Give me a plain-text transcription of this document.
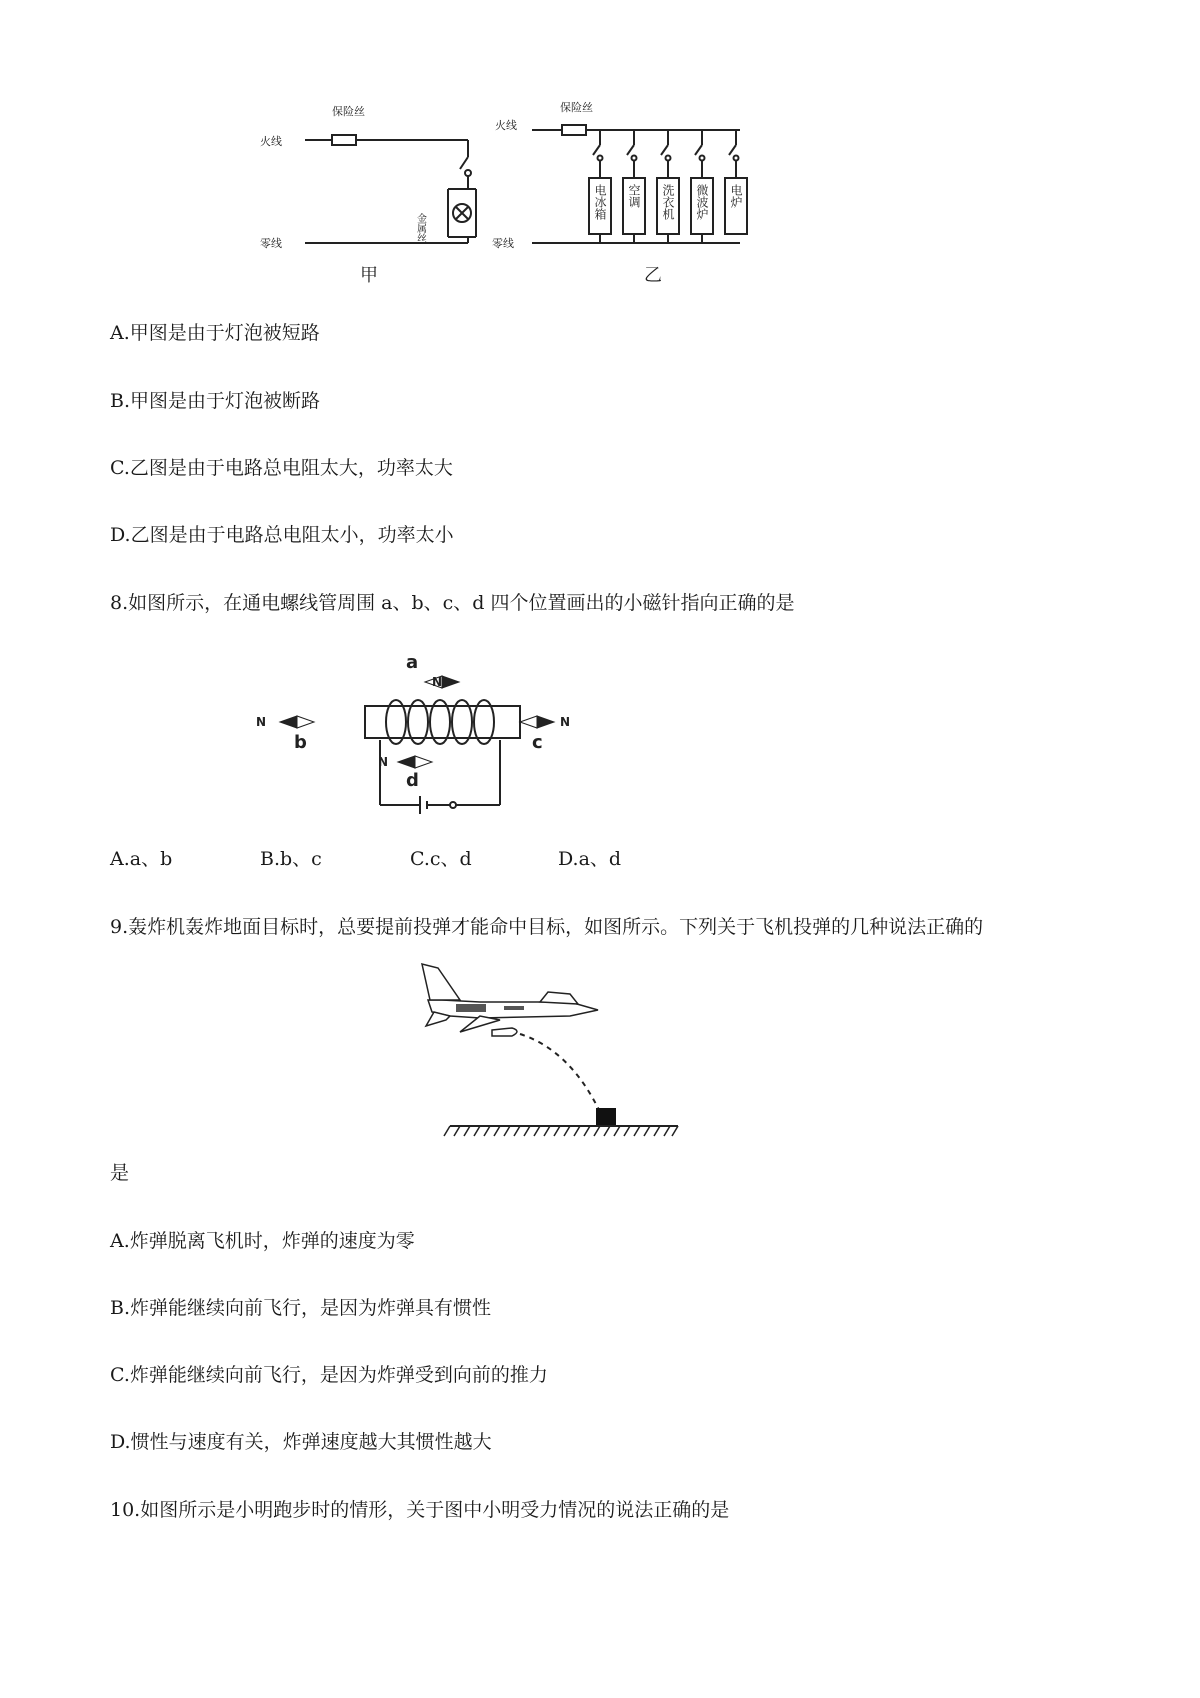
保险丝
火线
零线
金属丝
保险丝
火线
零线
电冰箱 空调 洗衣机 微波炉 电炉
甲	乙

A.甲图是由于灯泡被短路

B.甲图是由于灯泡被断路

C.乙图是由于电路总电阻太大，功率太大

D.乙图是由于电路总电阻太小，功率太小

8.如图所示，在通电螺线管周围 a、b、c、d 四个位置画出的小磁针指向正确的是

a
b	c
d
N
N	N
N
A.a、b	B.b、c	C.c、d	D.a、d

9.轰炸机轰炸地面目标时，总要提前投弹才能命中目标，如图所示。下列关于飞机投弹的几种说法正确的

是

A.炸弹脱离飞机时，炸弹的速度为零

B.炸弹能继续向前飞行，是因为炸弹具有惯性

C.炸弹能继续向前飞行，是因为炸弹受到向前的推力

D.惯性与速度有关，炸弹速度越大其惯性越大

10.如图所示是小明跑步时的情形，关于图中小明受力情况的说法正确的是
